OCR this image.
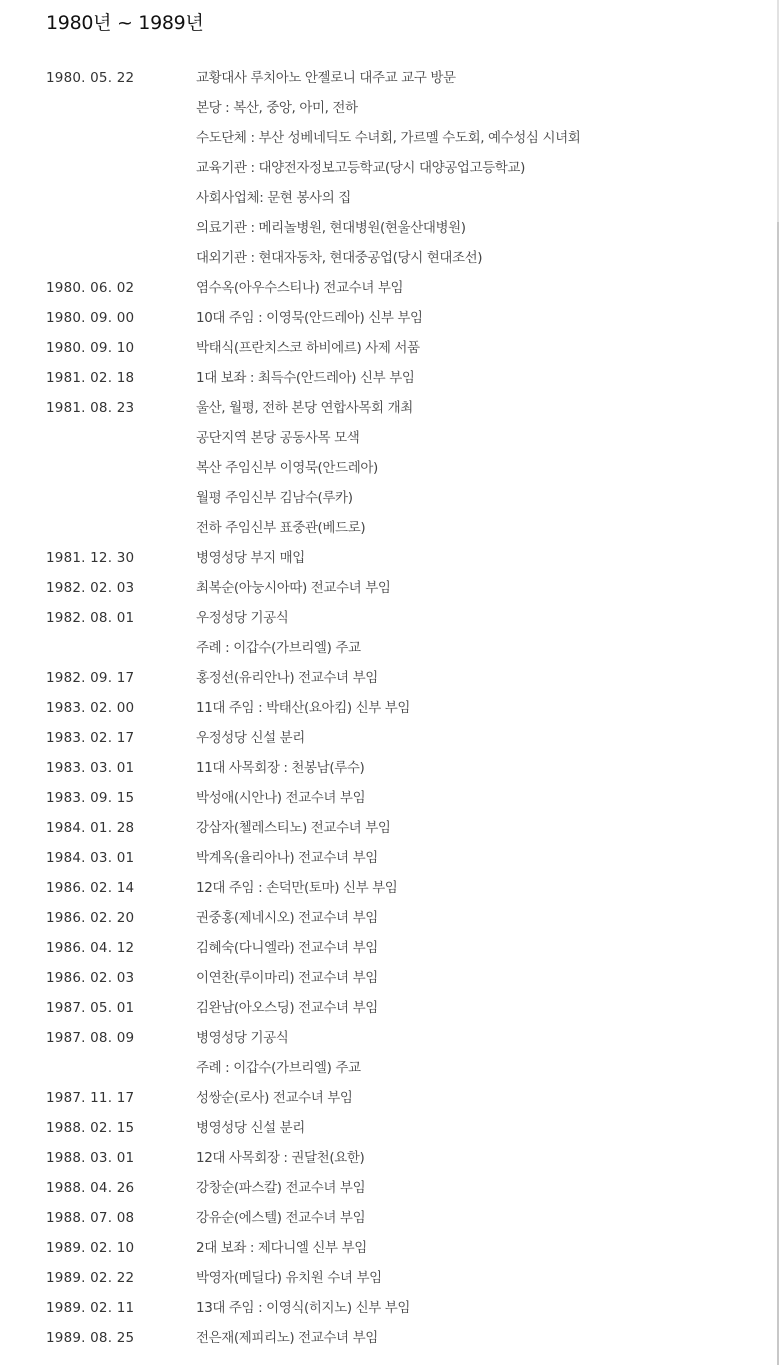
1980년 ~ 1989년
1980. 05. 22	교황대사 루치아노 안젤로니 대주교 교구 방문
본당 : 복산, 중앙, 아미, 전하
수도단체 : 부산 성베네딕도 수녀회, 가르멜 수도회, 예수성심 시녀회
교육기관 : 대양전자정보고등학교(당시 대양공업고등학교)
사회사업체: 문현 봉사의 집
의료기관 : 메리놀병원, 현대병원(현울산대병원)
대외기관 : 현대자동차, 현대중공업(당시 현대조선)
1980. 06. 02	염수옥(아우수스티나) 전교수녀 부임
1980. 09. 00	10대 주임 : 이영묵(안드레아) 신부 부임
1980. 09. 10	박태식(프란치스코 하비에르) 사제 서품
1981. 02. 18	1대 보좌 : 최득수(안드레아) 신부 부임
1981. 08. 23	울산, 월평, 전하 본당 연합사목회 개최
공단지역 본당 공동사목 모색
복산 주임신부 이영묵(안드레아)
월평 주임신부 김남수(루카)
전하 주임신부 표중관(베드로)
1981. 12. 30	병영성당 부지 매입
1982. 02. 03	최복순(아눙시아따) 전교수녀 부임
1982. 08. 01	우정성당 기공식
주례 : 이갑수(가브리엘) 주교
1982. 09. 17	홍정선(유리안나) 전교수녀 부임
1983. 02. 00	11대 주임 : 박태산(요아킴) 신부 부임
1983. 02. 17	우정성당 신설 분리
1983. 03. 01	11대 사목회장 : 천봉남(루수)
1983. 09. 15	박성애(시안나) 전교수녀 부임
1984. 01. 28	강삼자(첼레스티노) 전교수녀 부임
1984. 03. 01	박계옥(율리아나) 전교수녀 부임
1986. 02. 14	12대 주임 : 손덕만(토마) 신부 부임
1986. 02. 20	권중홍(제네시오) 전교수녀 부임
1986. 04. 12	김혜숙(다니엘라) 전교수녀 부임
1986. 02. 03	이연찬(루이마리) 전교수녀 부임
1987. 05. 01	김완남(아오스딩) 전교수녀 부임
1987. 08. 09	병영성당 기공식
주례 : 이갑수(가브리엘) 주교
1987. 11. 17	성쌍순(로사) 전교수녀 부임
1988. 02. 15	병영성당 신설 분리
1988. 03. 01	12대 사목회장 : 권달천(요한)
1988. 04. 26	강창순(파스칼) 전교수녀 부임
1988. 07. 08	강유순(에스텔) 전교수녀 부임
1989. 02. 10	2대 보좌 : 제다니엘 신부 부임
1989. 02. 22	박영자(메딜다) 유치원 수녀 부임
1989. 02. 11	13대 주임 : 이영식(히지노) 신부 부임
1989. 08. 25	전은재(제피리노) 전교수녀 부임
